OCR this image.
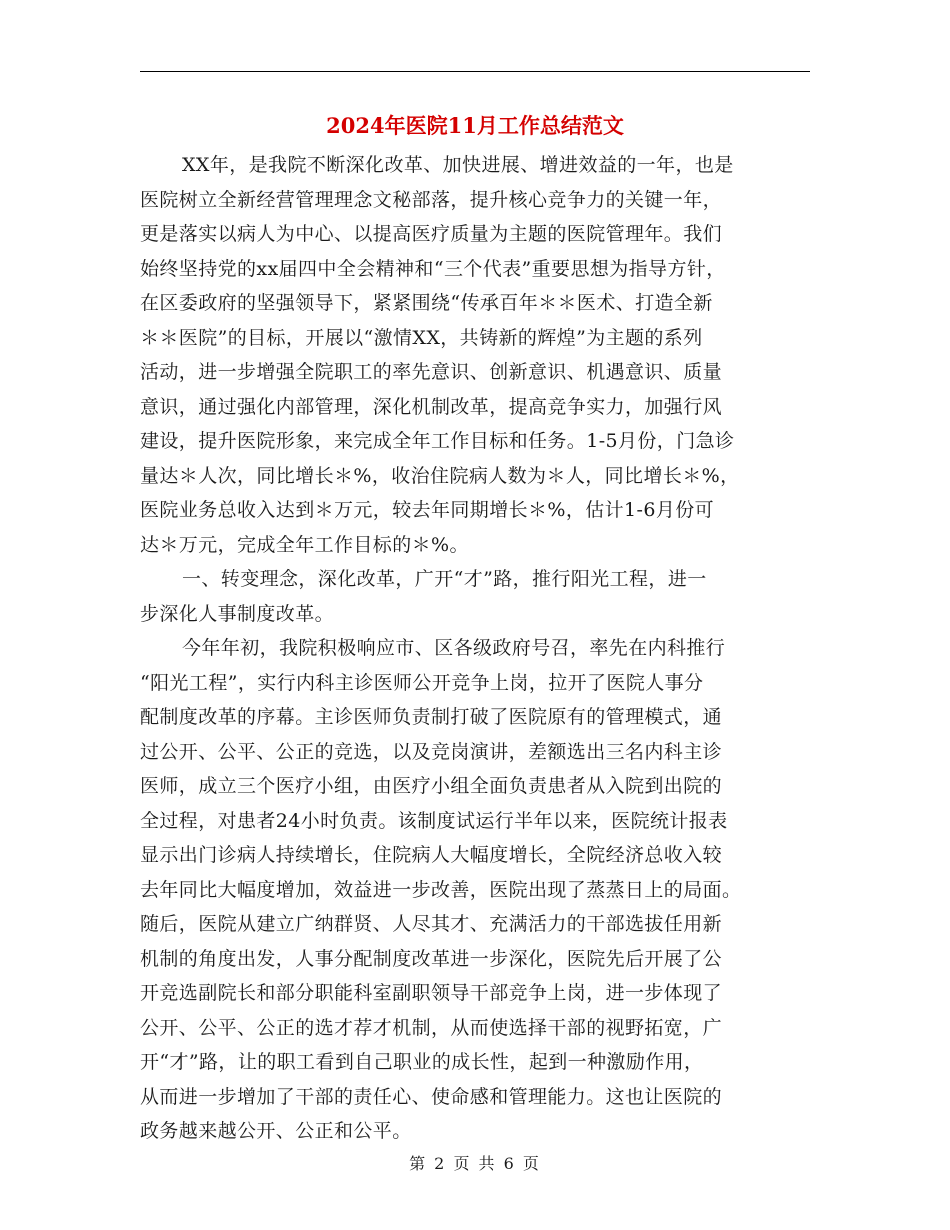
2024年医院11月工作总结范文
XX年，是我院不断深化改革、加快进展、增进效益的一年，也是
医院树立全新经营管理理念文秘部落，提升核心竞争力的关键一年，
更是落实以病人为中心、以提高医疗质量为主题的医院管理年。我们
始终坚持党的xx届四中全会精神和“三个代表”重要思想为指导方针，
在区委政府的坚强领导下，紧紧围绕“传承百年＊＊医术、打造全新
＊＊医院”的目标，开展以“激情XX，共铸新的辉煌”为主题的系列
活动，进一步增强全院职工的率先意识、创新意识、机遇意识、质量
意识，通过强化内部管理，深化机制改革，提高竞争实力，加强行风
建设，提升医院形象，来完成全年工作目标和任务。1-5月份，门急诊
量达＊人次，同比增长＊%，收治住院病人数为＊人，同比增长＊%，
医院业务总收入达到＊万元，较去年同期增长＊%，估计1-6月份可
达＊万元，完成全年工作目标的＊%。
一、转变理念，深化改革，广开“才”路，推行阳光工程，进一
步深化人事制度改革。
今年年初，我院积极响应市、区各级政府号召，率先在内科推行
“阳光工程”，实行内科主诊医师公开竞争上岗，拉开了医院人事分
配制度改革的序幕。主诊医师负责制打破了医院原有的管理模式，通
过公开、公平、公正的竞选，以及竞岗演讲，差额选出三名内科主诊
医师，成立三个医疗小组，由医疗小组全面负责患者从入院到出院的
全过程，对患者24小时负责。该制度试运行半年以来，医院统计报表
显示出门诊病人持续增长，住院病人大幅度增长，全院经济总收入较
去年同比大幅度增加，效益进一步改善，医院出现了蒸蒸日上的局面。
随后，医院从建立广纳群贤、人尽其才、充满活力的干部选拔任用新
机制的角度出发，人事分配制度改革进一步深化，医院先后开展了公
开竞选副院长和部分职能科室副职领导干部竞争上岗，进一步体现了
公开、公平、公正的选才荐才机制，从而使选择干部的视野拓宽，广
开“才”路，让的职工看到自己职业的成长性，起到一种激励作用，
从而进一步增加了干部的责任心、使命感和管理能力。这也让医院的
政务越来越公开、公正和公平。
第 2 页 共 6 页
